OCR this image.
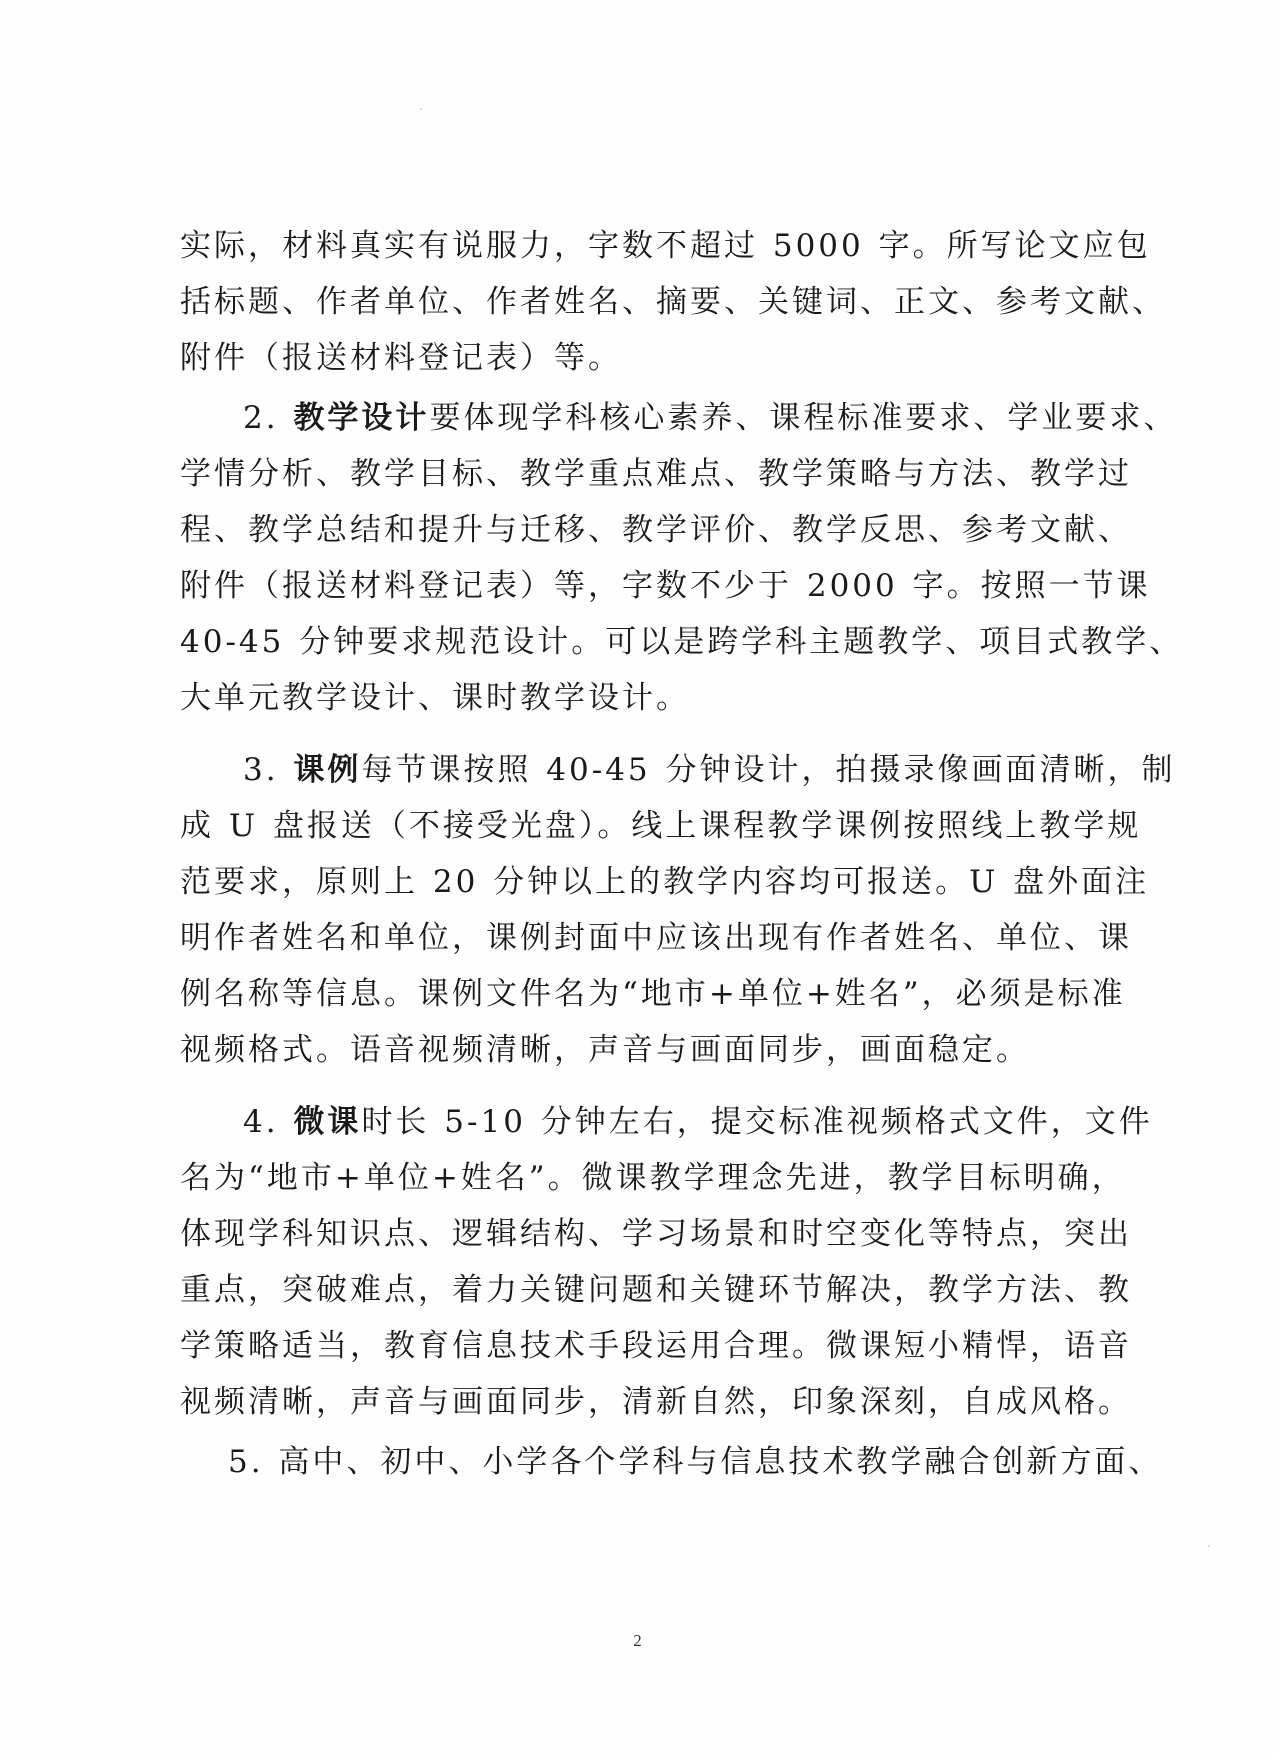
实际，材料真实有说服力，字数不超过 5000 字。所写论文应包
括标题、作者单位、作者姓名、摘要、关键词、正文、参考文献、
附件（报送材料登记表）等。
2. 教学设计要体现学科核心素养、课程标准要求、学业要求、
学情分析、教学目标、教学重点难点、教学策略与方法、教学过
程、教学总结和提升与迁移、教学评价、教学反思、参考文献、
附件（报送材料登记表）等，字数不少于 2000 字。按照一节课
40-45 分钟要求规范设计。可以是跨学科主题教学、项目式教学、
大单元教学设计、课时教学设计。
3. 课例每节课按照 40-45 分钟设计，拍摄录像画面清晰，制
成 U 盘报送（不接受光盘）。线上课程教学课例按照线上教学规
范要求，原则上 20 分钟以上的教学内容均可报送。U 盘外面注
明作者姓名和单位，课例封面中应该出现有作者姓名、单位、课
例名称等信息。课例文件名为“地市+单位+姓名”，必须是标准
视频格式。语音视频清晰，声音与画面同步，画面稳定。
4. 微课时长 5-10 分钟左右，提交标准视频格式文件，文件
名为“地市+单位+姓名”。微课教学理念先进，教学目标明确，
体现学科知识点、逻辑结构、学习场景和时空变化等特点，突出
重点，突破难点，着力关键问题和关键环节解决，教学方法、教
学策略适当，教育信息技术手段运用合理。微课短小精悍，语音
视频清晰，声音与画面同步，清新自然，印象深刻，自成风格。
5. 高中、初中、小学各个学科与信息技术教学融合创新方面、
2
